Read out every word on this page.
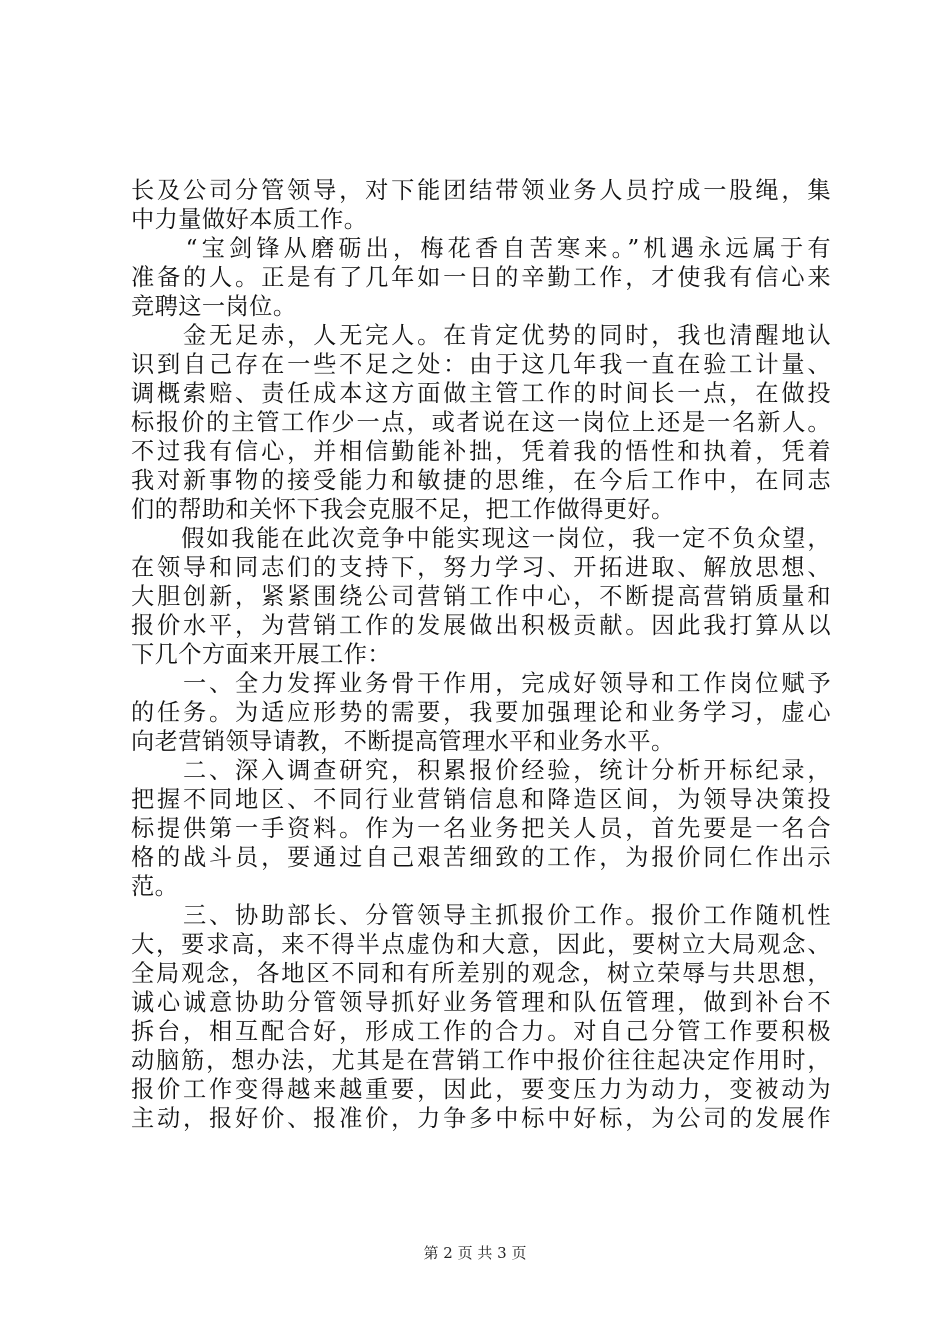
长及公司分管领导，对下能团结带领业务人员拧成一股绳，集
中力量做好本质工作。
　　“宝剑锋从磨砺出，梅花香自苦寒来。”机遇永远属于有
准备的人。正是有了几年如一日的辛勤工作，才使我有信心来
竞聘这一岗位。
　　金无足赤，人无完人。在肯定优势的同时，我也清醒地认
识到自己存在一些不足之处：由于这几年我一直在验工计量、
调概索赔、责任成本这方面做主管工作的时间长一点，在做投
标报价的主管工作少一点，或者说在这一岗位上还是一名新人。
不过我有信心，并相信勤能补拙，凭着我的悟性和执着，凭着
我对新事物的接受能力和敏捷的思维，在今后工作中，在同志
们的帮助和关怀下我会克服不足，把工作做得更好。
　　假如我能在此次竞争中能实现这一岗位，我一定不负众望，
在领导和同志们的支持下，努力学习、开拓进取、解放思想、
大胆创新，紧紧围绕公司营销工作中心，不断提高营销质量和
报价水平，为营销工作的发展做出积极贡献。因此我打算从以
下几个方面来开展工作：
　　一、全力发挥业务骨干作用，完成好领导和工作岗位赋予
的任务。为适应形势的需要，我要加强理论和业务学习，虚心
向老营销领导请教，不断提高管理水平和业务水平。
　　二、深入调查研究，积累报价经验，统计分析开标纪录，
把握不同地区、不同行业营销信息和降造区间，为领导决策投
标提供第一手资料。作为一名业务把关人员，首先要是一名合
格的战斗员，要通过自己艰苦细致的工作，为报价同仁作出示
范。
　　三、协助部长、分管领导主抓报价工作。报价工作随机性
大，要求高，来不得半点虚伪和大意，因此，要树立大局观念、
全局观念，各地区不同和有所差别的观念，树立荣辱与共思想，
诚心诚意协助分管领导抓好业务管理和队伍管理，做到补台不
拆台，相互配合好，形成工作的合力。对自己分管工作要积极
动脑筋，想办法，尤其是在营销工作中报价往往起决定作用时，
报价工作变得越来越重要，因此，要变压力为动力，变被动为
主动，报好价、报准价，力争多中标中好标，为公司的发展作
第 2 页 共 3 页
